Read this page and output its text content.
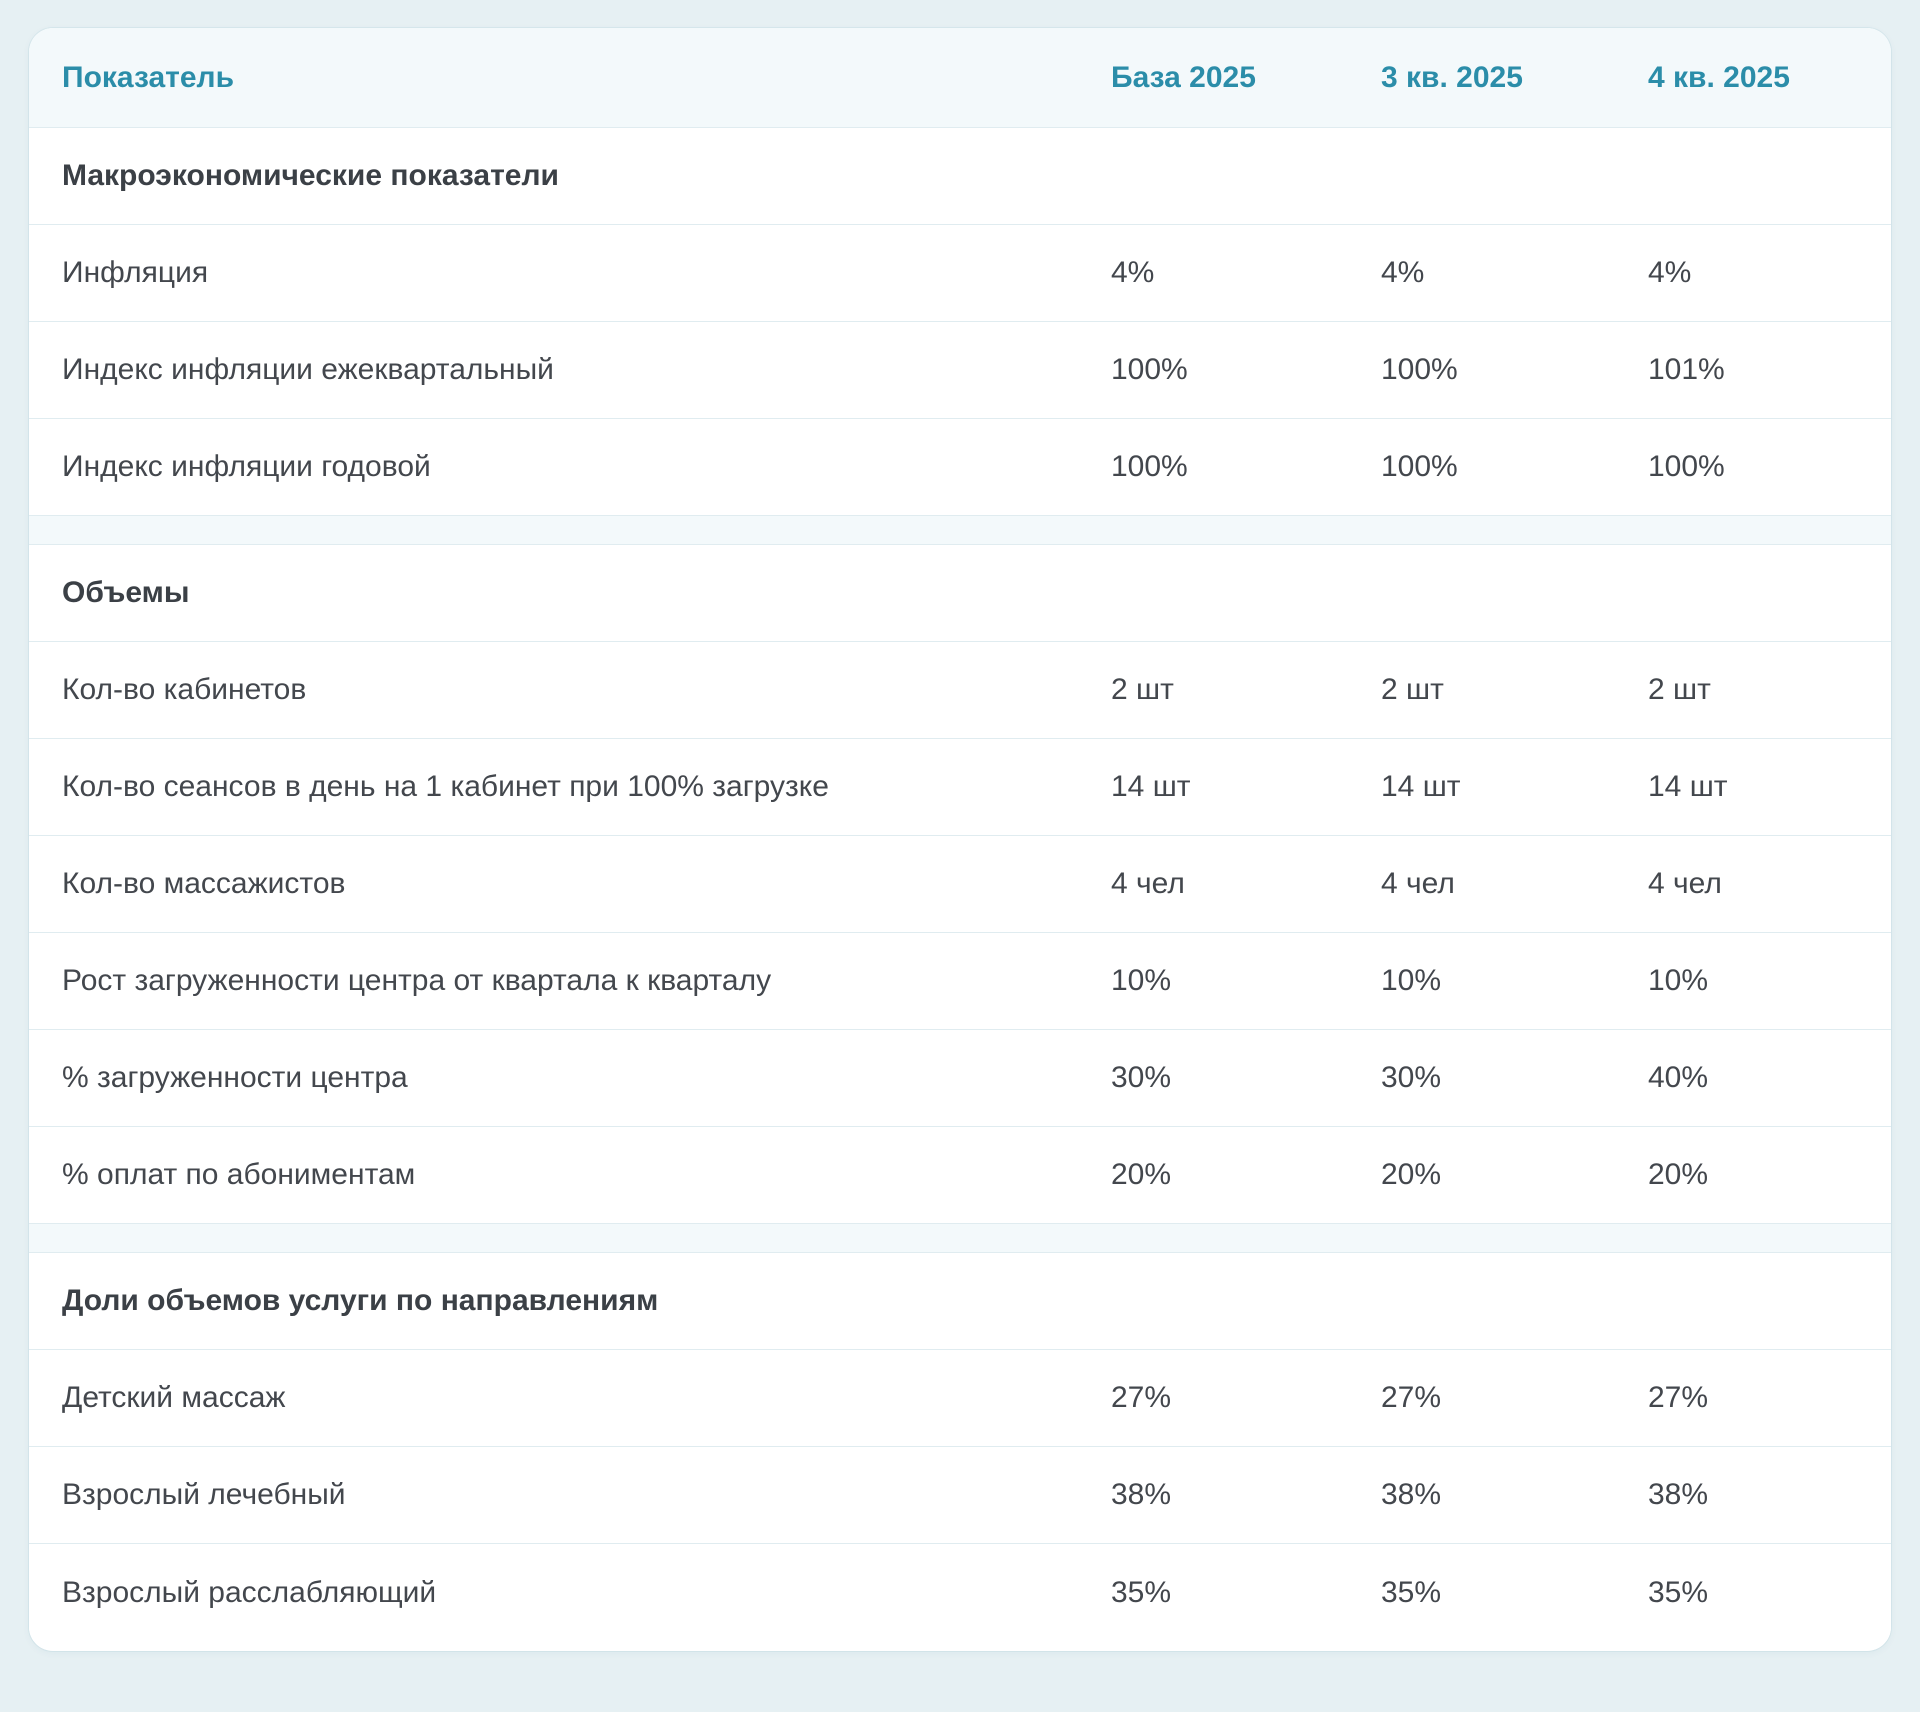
Показатель	База 2025	3 кв. 2025	4 кв. 2025
Макроэкономические показатели
Инфляция	4%	4%	4%
Индекс инфляции ежеквартальный	100%	100%	101%
Индекс инфляции годовой	100%	100%	100%
Объемы
Кол-во кабинетов	2 шт	2 шт	2 шт
Кол-во сеансов в день на 1 кабинет при 100% загрузке	14 шт	14 шт	14 шт
Кол-во массажистов	4 чел	4 чел	4 чел
Рост загруженности центра от квартала к кварталу	10%	10%	10%
% загруженности центра	30%	30%	40%
% оплат по абониментам	20%	20%	20%
Доли объемов услуги по направлениям
Детский массаж	27%	27%	27%
Взрослый лечебный	38%	38%	38%
Взрослый расслабляющий	35%	35%	35%
